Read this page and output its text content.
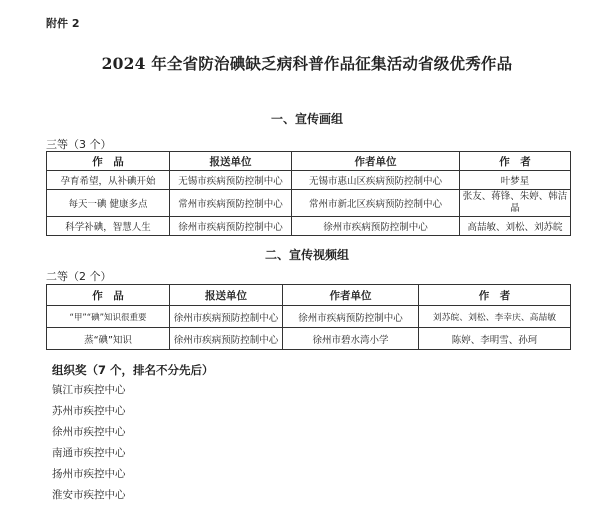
附件 2
2024 年全省防治碘缺乏病科普作品征集活动省级优秀作品
一、宣传画组
三等（3 个）
作　品	报送单位	作者单位	作　者
孕育希望，从补碘开始	无锡市疾病预防控制中心	无锡市惠山区疾病预防控制中心	叶梦星
每天一碘 健康多点	常州市疾病预防控制中心	常州市新北区疾病预防控制中心	张友、蒋锋、朱婷、韩洁晶
科学补碘，智慧人生	徐州市疾病预防控制中心	徐州市疾病预防控制中心	高喆敏、刘松、刘苏皖
二、宣传视频组
二等（2 个）
作　品	报送单位	作者单位	作　者
“甲”“碘”知识很重要	徐州市疾病预防控制中心	徐州市疾病预防控制中心	刘苏皖、刘松、李幸庆、高喆敏
蒸“碘”知识	徐州市疾病预防控制中心	徐州市碧水湾小学	陈婷、李明雪、孙珂
组织奖（7 个，排名不分先后）
镇江市疾控中心
苏州市疾控中心
徐州市疾控中心
南通市疾控中心
扬州市疾控中心
淮安市疾控中心
